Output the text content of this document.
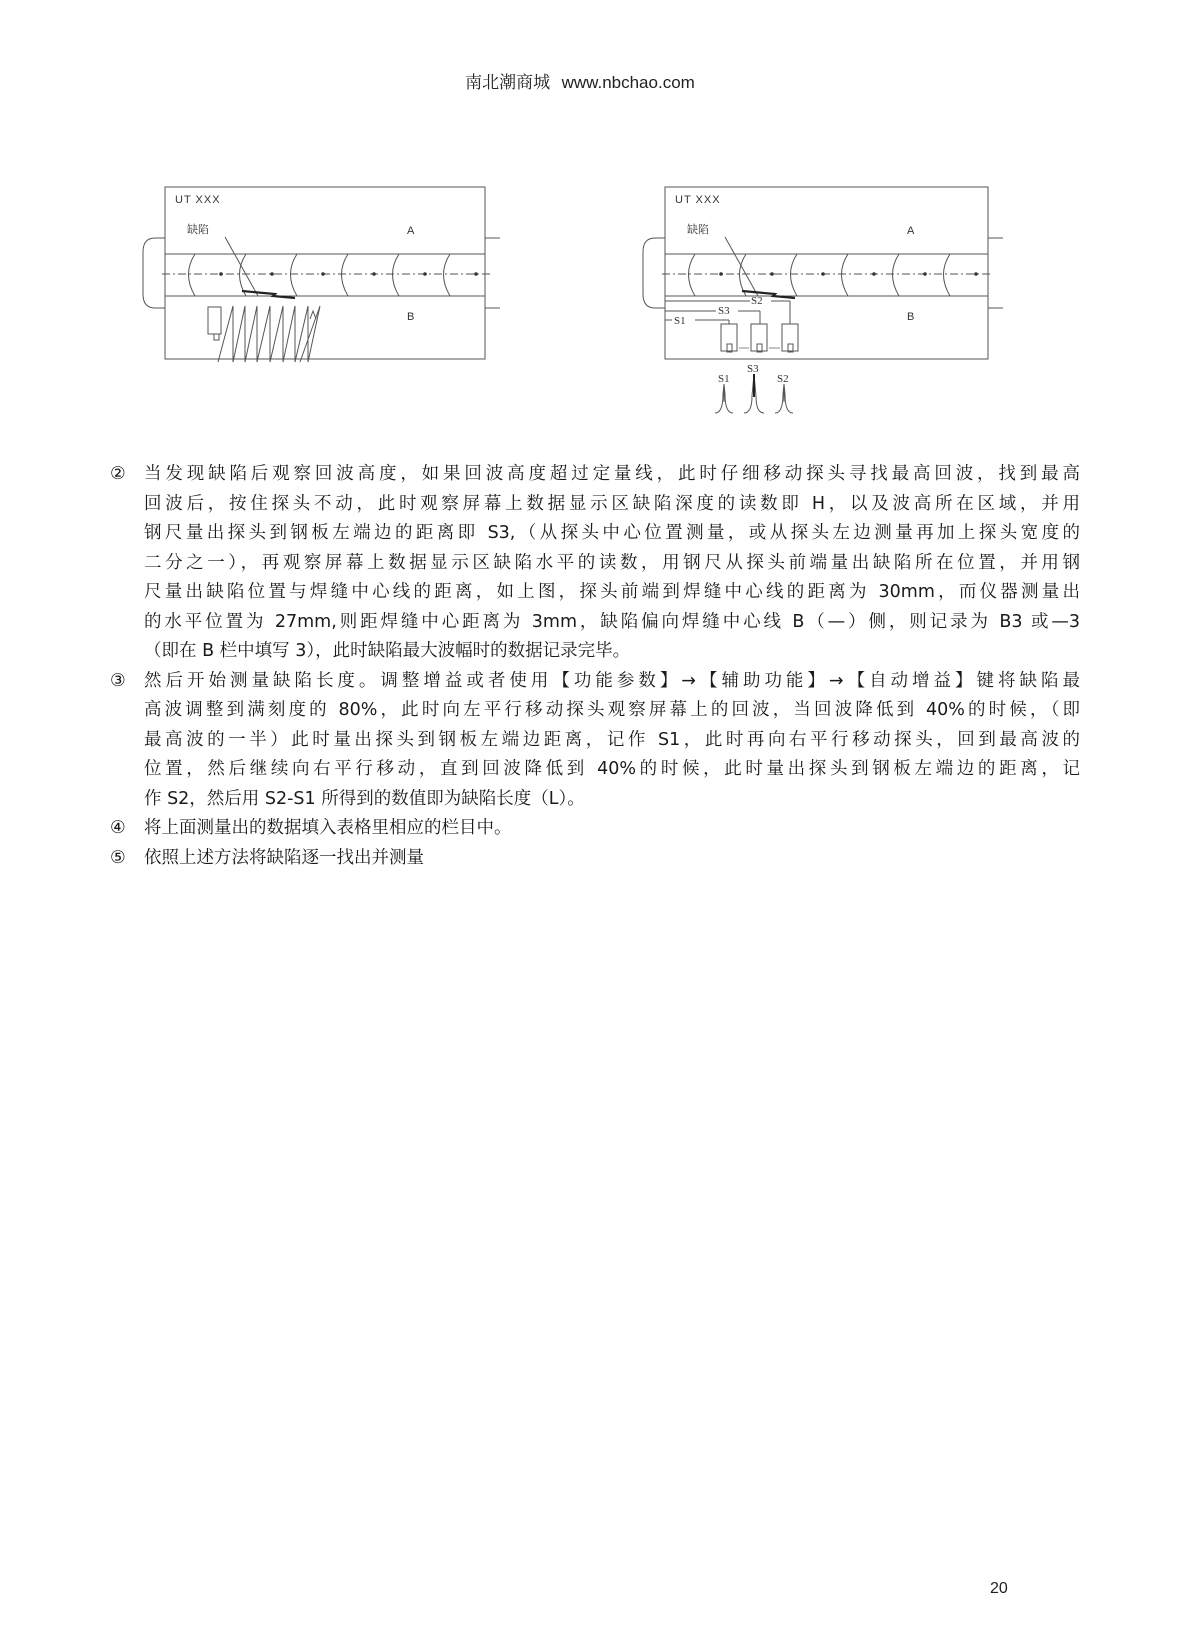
南北潮商城 www.nbchao.com
UT XXX
缺陷	A
B
UT XXX
缺陷	A
B
S2
S3
S1
S1
S3
S2
②	当发现缺陷后观察回波高度，如果回波高度超过定量线，此时仔细移动探头寻找最高回波，找到最高
回波后，按住探头不动，此时观察屏幕上数据显示区缺陷深度的读数即 H，以及波高所在区域，并用
钢尺量出探头到钢板左端边的距离即 S3,（从探头中心位置测量，或从探头左边测量再加上探头宽度的
二分之一），再观察屏幕上数据显示区缺陷水平的读数，用钢尺从探头前端量出缺陷所在位置，并用钢
尺量出缺陷位置与焊缝中心线的距离，如上图，探头前端到焊缝中心线的距离为 30mm，而仪器测量出
的水平位置为 27mm,则距焊缝中心距离为 3mm，缺陷偏向焊缝中心线 B（—）侧，则记录为 B3 或—3
（即在 B 栏中填写 3），此时缺陷最大波幅时的数据记录完毕。
③	然后开始测量缺陷长度。调整增益或者使用【功能参数】→【辅助功能】→【自动增益】键将缺陷最
高波调整到满刻度的 80%，此时向左平行移动探头观察屏幕上的回波，当回波降低到 40%的时候，（即
最高波的一半）此时量出探头到钢板左端边距离，记作 S1，此时再向右平行移动探头，回到最高波的
位置，然后继续向右平行移动，直到回波降低到 40%的时候，此时量出探头到钢板左端边的距离，记
作 S2，然后用 S2-S1 所得到的数值即为缺陷长度（L）。
④	将上面测量出的数据填入表格里相应的栏目中。
⑤	依照上述方法将缺陷逐一找出并测量
20
